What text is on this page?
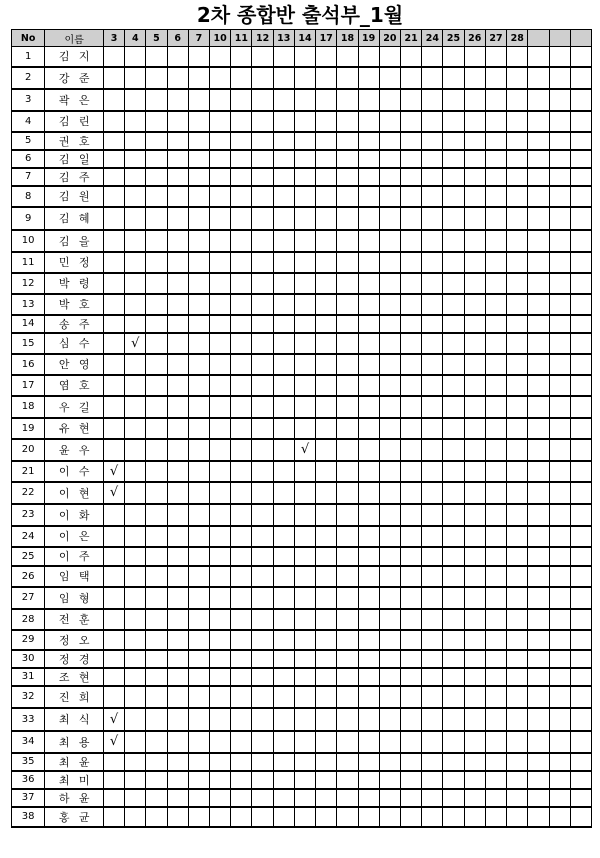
2차 종합반 출석부_1월
No	이름	3	4	5	6	7	10	11	12	13	14	17	18	19	20	21	24	25	26	27	28			
1	김 지																							
2	강 준																							
3	곽 은																							
4	김 린																							
5	권 호																							
6	김 일																							
7	김 주																							
8	김 원																							
9	김 혜																							
10	김 을																							
11	민 정																							
12	박 령																							
13	박 호																							
14	송 주																							
15	심 수		√																					
16	안 영																							
17	염 호																							
18	우 길																							
19	유 현																							
20	윤 우										√													
21	이 수	√																						
22	이 현	√																						
23	이 화																							
24	이 은																							
25	이 주																							
26	임 택																							
27	임 형																							
28	전 훈																							
29	정 오																							
30	정 경																							
31	조 현																							
32	진 희																							
33	최 식	√																						
34	최 용	√																						
35	최 윤																							
36	최 미																							
37	하 윤																							
38	홍 균																							
